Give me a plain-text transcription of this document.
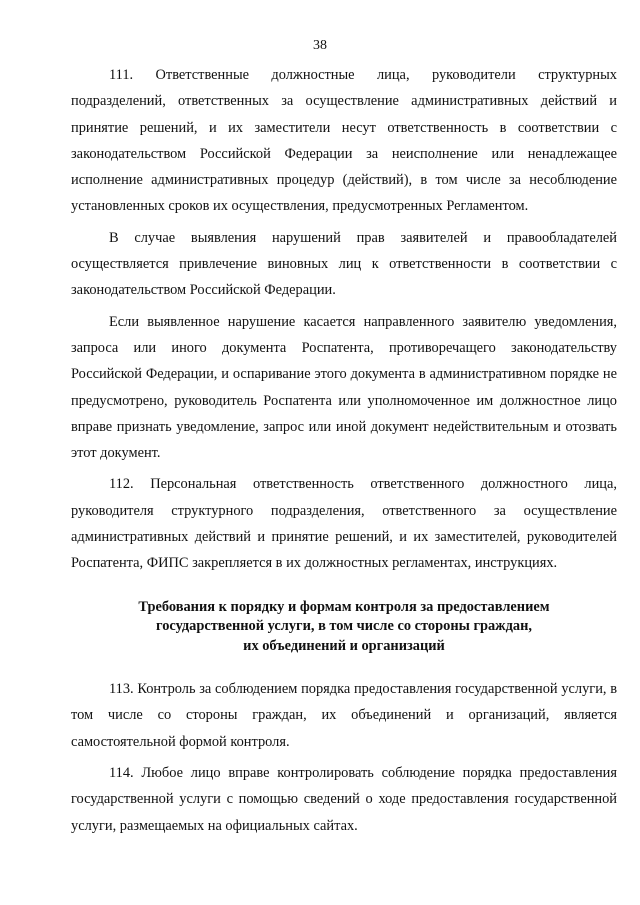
38

111. Ответственные должностные лица, руководители структурных подразделений, ответственных за осуществление административных действий и принятие решений, и их заместители несут ответственность в соответствии с законодательством Российской Федерации за неисполнение или ненадлежащее исполнение административных процедур (действий), в том числе за несоблюдение установленных сроков их осуществления, предусмотренных Регламентом.

В случае выявления нарушений прав заявителей и правообладателей осуществляется привлечение виновных лиц к ответственности в соответствии с законодательством Российской Федерации.

Если выявленное нарушение касается направленного заявителю уведомления, запроса или иного документа Роспатента, противоречащего законодательству Российской Федерации, и оспаривание этого документа в административном порядке не предусмотрено, руководитель Роспатента или уполномоченное им должностное лицо вправе признать уведомление, запрос или иной документ недействительным и отозвать этот документ.

112. Персональная ответственность ответственного должностного лица, руководителя структурного подразделения, ответственного за осуществление административных действий и принятие решений, и их заместителей, руководителей Роспатента, ФИПС закрепляется в их должностных регламентах, инструкциях.

Требования к порядку и формам контроля за предоставлением
государственной услуги, в том числе со стороны граждан,
их объединений и организаций

113. Контроль за соблюдением порядка предоставления государственной услуги, в том числе со стороны граждан, их объединений и организаций, является самостоятельной формой контроля.

114. Любое лицо вправе контролировать соблюдение порядка предоставления государственной услуги с помощью сведений о ходе предоставления государственной услуги, размещаемых на официальных сайтах.
